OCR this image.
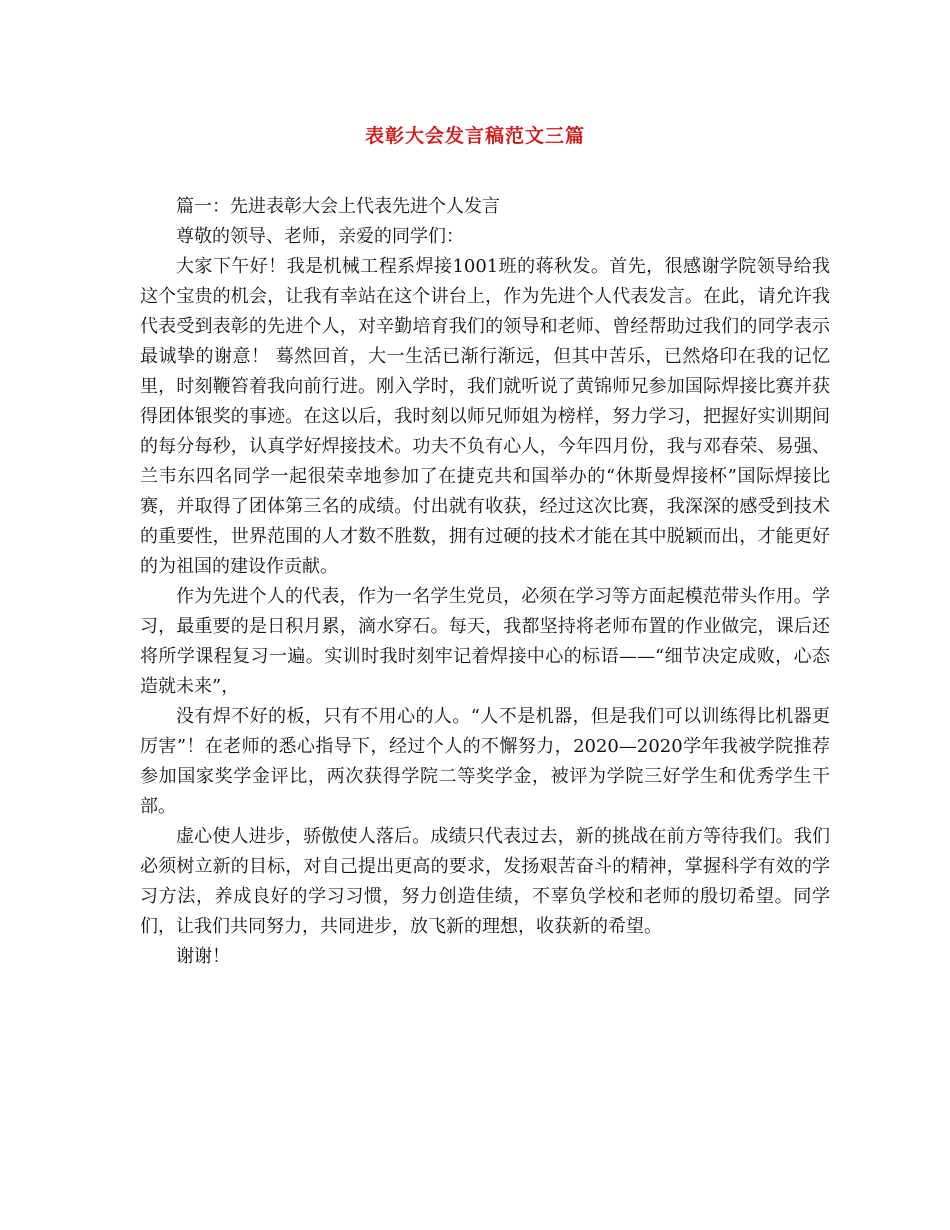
表彰大会发言稿范文三篇

篇一：先进表彰大会上代表先进个人发言

尊敬的领导、老师，亲爱的同学们：

大家下午好！我是机械工程系焊接1001班的蒋秋发。首先，很感谢学院领导给我这个宝贵的机会，让我有幸站在这个讲台上，作为先进个人代表发言。在此，请允许我代表受到表彰的先进个人，对辛勤培育我们的领导和老师、曾经帮助过我们的同学表示最诚挚的谢意！ 蓦然回首，大一生活已渐行渐远，但其中苦乐，已然烙印在我的记忆里，时刻鞭笞着我向前行进。刚入学时，我们就听说了黄锦师兄参加国际焊接比赛并获得团体银奖的事迹。在这以后，我时刻以师兄师姐为榜样，努力学习，把握好实训期间的每分每秒，认真学好焊接技术。功夫不负有心人，今年四月份，我与邓春荣、易强、兰韦东四名同学一起很荣幸地参加了在捷克共和国举办的“休斯曼焊接杯”国际焊接比赛，并取得了团体第三名的成绩。付出就有收获，经过这次比赛，我深深的感受到技术的重要性，世界范围的人才数不胜数，拥有过硬的技术才能在其中脱颖而出，才能更好的为祖国的建设作贡献。

作为先进个人的代表，作为一名学生党员，必须在学习等方面起模范带头作用。学习，最重要的是日积月累，滴水穿石。每天，我都坚持将老师布置的作业做完，课后还将所学课程复习一遍。实训时我时刻牢记着焊接中心的标语——“细节决定成败，心态造就未来”，

没有焊不好的板，只有不用心的人。“人不是机器，但是我们可以训练得比机器更厉害”！在老师的悉心指导下，经过个人的不懈努力，2020—2020学年我被学院推荐参加国家奖学金评比，两次获得学院二等奖学金，被评为学院三好学生和优秀学生干部。

虚心使人进步，骄傲使人落后。成绩只代表过去，新的挑战在前方等待我们。我们必须树立新的目标，对自己提出更高的要求，发扬艰苦奋斗的精神，掌握科学有效的学习方法，养成良好的学习习惯，努力创造佳绩，不辜负学校和老师的殷切希望。同学们，让我们共同努力，共同进步，放飞新的理想，收获新的希望。

谢谢！
